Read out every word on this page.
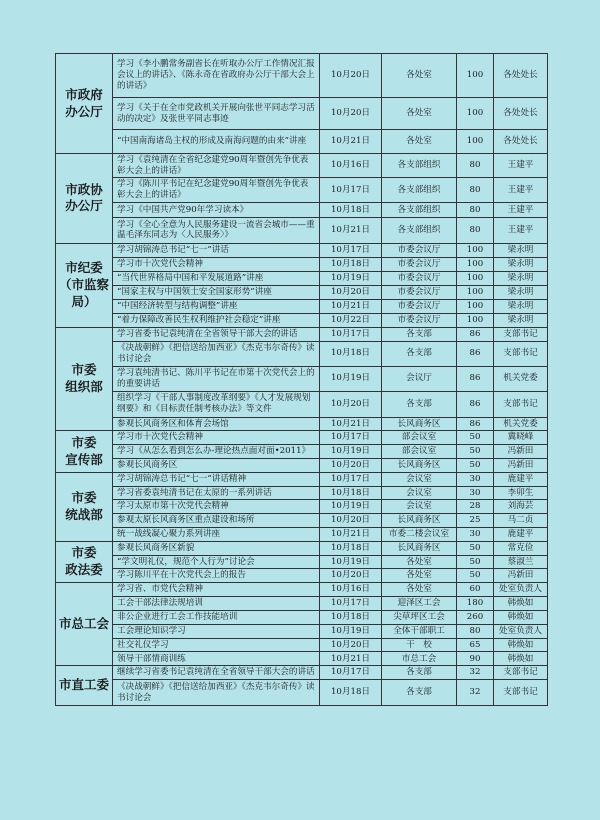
市政府
办公厅	学习《李小鹏常务副省长在听取办公厅工作情况汇报会议上的讲话》、《陈永奇在省政府办公厅干部大会上的讲话》	10月20日	各处室	100	各处处长
	学习《关于在全市党政机关开展向张世平同志学习活动的决定》及张世平同志事迹	10月20日	各处室	100	各处处长
	“中国南海诸岛主权的形成及南海问题的由来”讲座	10月21日	各处室	100	各处处长
市政协
办公厅	学习《袁纯清在全省纪念建党90周年暨创先争优表彰大会上的讲话》	10月16日	各支部组织	80	王建平
	学习《陈川平书记在纪念建党90周年暨创先争优表彰大会上的讲话》	10月17日	各支部组织	80	王建平
	学习《中国共产党90年学习读本》	10月18日	各支部组织	80	王建平
	学习《全心全意为人民服务建设一流省会城市——重温毛泽东同志为〈人民服务〉》	10月21日	各支部组织	80	王建平
市纪委
（市监察局）	学习胡锦涛总书记“七一”讲话	10月17日	市委会议厅	100	梁永明
	学习市十次党代会精神	10月18日	市委会议厅	100	梁永明
	“当代世界格局中国和平发展道路”讲座	10月19日	市委会议厅	100	梁永明
	“国家主权与中国领土安全国家形势”讲座	10月20日	市委会议厅	100	梁永明
	“中国经济转型与结构调整”讲座	10月21日	市委会议厅	100	梁永明
	“着力保障改善民生权利维护社会稳定”讲座	10月22日	市委会议厅	100	梁永明
市委
组织部	学习省委书记袁纯清在全省领导干部大会的讲话	10月17日	各支部	86	支部书记
	《决战朝鲜》《把信送给加西亚》《杰克韦尔奇传》读书讨论会	10月18日	各支部	86	支部书记
	学习袁纯清书记、陈川平书记在市第十次党代会上的的重要讲话	10月19日	会议厅	86	机关党委
	组织学习《干部人事制度改革纲要》《人才发展规划纲要》和《目标责任制考核办法》等文件	10月20日	各支部	86	支部书记
	参观长风商务区和体育会场馆	10月21日	长风商务区	86	机关党委
市委
宣传部	学习市十次党代会精神	10月17日	部会议室	50	冀晓峰
	学习《从怎么看到怎么办-理论热点面对面•2011》	10月19日	部会议室	50	冯新田
	参观长风商务区	10月20日	长风商务区	50	冯新田
市委
统战部	学习胡锦涛总书记“七一”讲话精神	10月17日	会议室	30	鹿建平
	学习省委袁纯清书记在太原的一系列讲话	10月18日	会议室	30	李卯生
	学习太原市第十次党代会精神	10月19日	会议室	28	刘海芸
	参观太原长风商务区重点建设和场所	10月20日	长风商务区	25	马二贞
	统一战线凝心聚力系列讲座	10月21日	市委二楼会议室	30	鹿建平
市委
政法委	参观长风商务区新貌	10月18日	长风商务区	50	常克俭
	“学文明礼仪，规范个人行为”讨论会	10月19日	各处室	50	蔡淑兰
	学习陈川平在十次党代会上的报告	10月20日	各处室	50	冯新田
市总工会	学习省、市党代会精神	10月16日	各处室	60	处室负责人
	工会干部法律法规培训	10月17日	迎泽区工会	180	韩焕如
	非公企业进行工会工作技能培训	10月18日	尖草坪区工会	260	韩焕如
	工会理论知识学习	10月19日	全体干部职工	80	处室负责人
	社交礼仪学习	10月20日	干　校	65	韩焕如
	领导干部情商训练	10月21日	市总工会	90	韩焕如
市直工委	继续学习省委书记袁纯清在全省领导干部大会的讲话	10月17日	各支部	32	支部书记
	《决战朝鲜》《把信送给加西亚》《杰克韦尔奇传》读书讨论会	10月18日	各支部	32	支部书记
